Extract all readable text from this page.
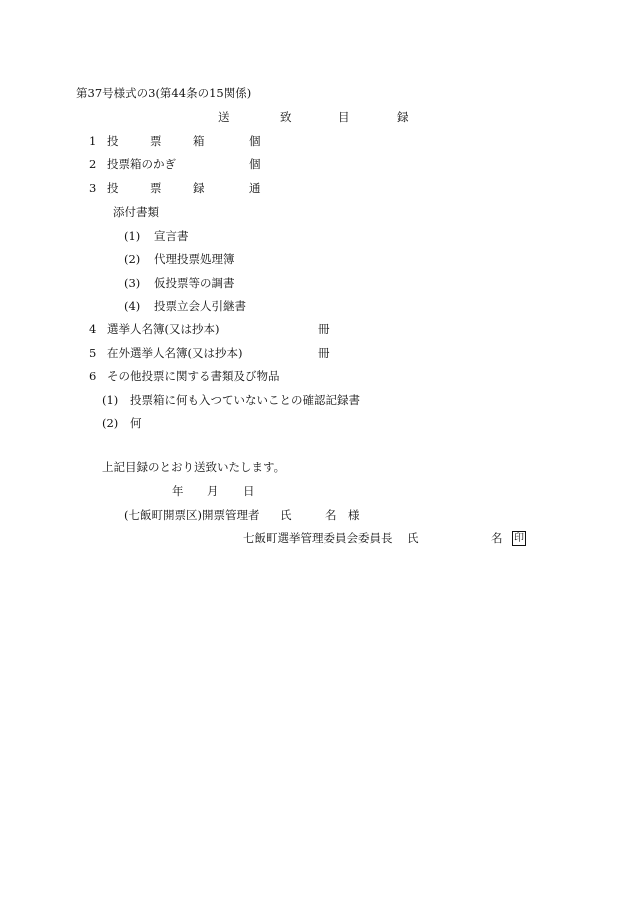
第37号様式の3(第44条の15関係)
送	致	目	録
1 投	票	箱	個
2 投票箱のかぎ	個
3 投	票	録	通
添付書類
(1) 宣言書
(2) 代理投票処理簿
(3) 仮投票等の調書
(4) 投票立会人引継書
4 選挙人名簿(又は抄本)	冊
5 在外選挙人名簿(又は抄本)	冊
6 その他投票に関する書類及び物品
(1) 投票箱に何も入つていないことの確認記録書
(2) 何
上記目録のとおり送致いたします。
年 月 日
(七飯町開票区)開票管理者 氏	名 様
七飯町選挙管理委員会委員長 氏	名 印
